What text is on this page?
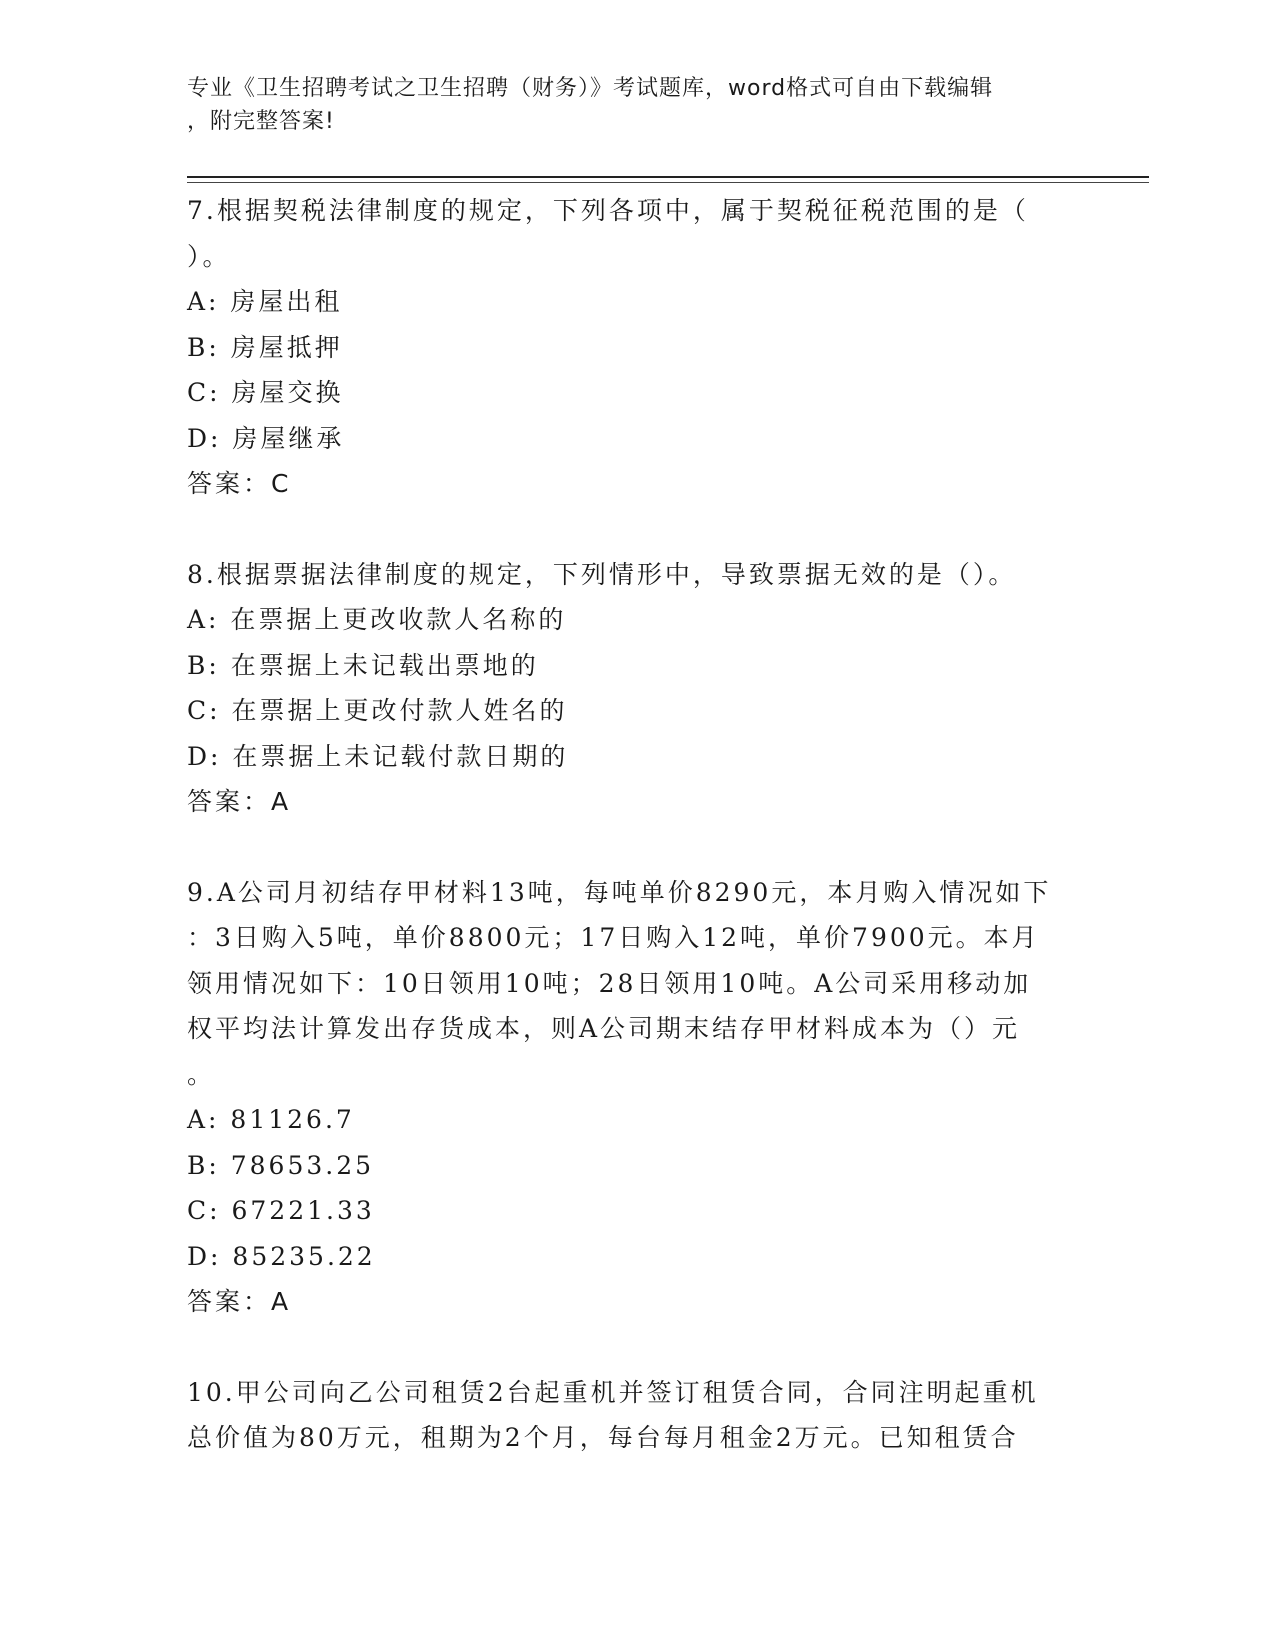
专业《卫生招聘考试之卫生招聘（财务）》考试题库，word格式可自由下载编辑
，附完整答案!
7.根据契税法律制度的规定，下列各项中，属于契税征税范围的是（
）。
A: 房屋出租
B: 房屋抵押
C: 房屋交换
D: 房屋继承
答案：C
8.根据票据法律制度的规定，下列情形中，导致票据无效的是（）。
A: 在票据上更改收款人名称的
B: 在票据上未记载出票地的
C: 在票据上更改付款人姓名的
D: 在票据上未记载付款日期的
答案：A
9.A公司月初结存甲材料13吨，每吨单价8290元，本月购入情况如下
：3日购入5吨，单价8800元；17日购入12吨，单价7900元。本月
领用情况如下：10日领用10吨；28日领用10吨。A公司采用移动加
权平均法计算发出存货成本，则A公司期末结存甲材料成本为（）元
。
A: 81126.7
B: 78653.25
C: 67221.33
D: 85235.22
答案：A
10.甲公司向乙公司租赁2台起重机并签订租赁合同，合同注明起重机
总价值为80万元，租期为2个月，每台每月租金2万元。已知租赁合
